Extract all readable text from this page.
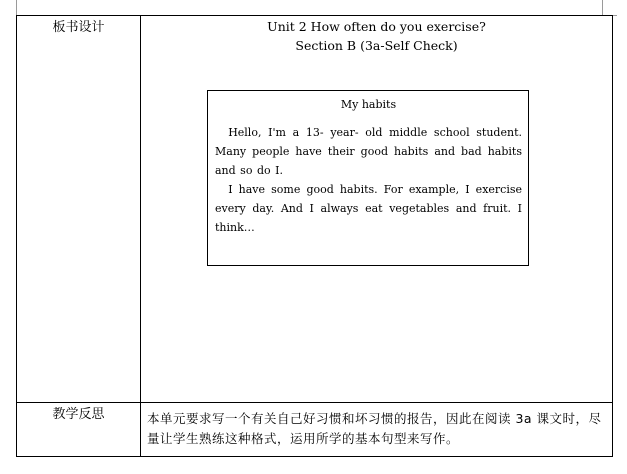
板书设计	Unit 2 How often do you exercise?
Section B (3a-Self Check)
My habits

Hello, I'm a 13- year- old middle school student. Many people have their good habits and bad habits and so do I.

I have some good habits. For example, I exercise every day. And I always eat vegetables and fruit. I think…

教学反思	本单元要求写一个有关自己好习惯和坏习惯的报告，因此在阅读 3a 课文时，尽量让学生熟练这种格式，运用所学的基本句型来写作。
